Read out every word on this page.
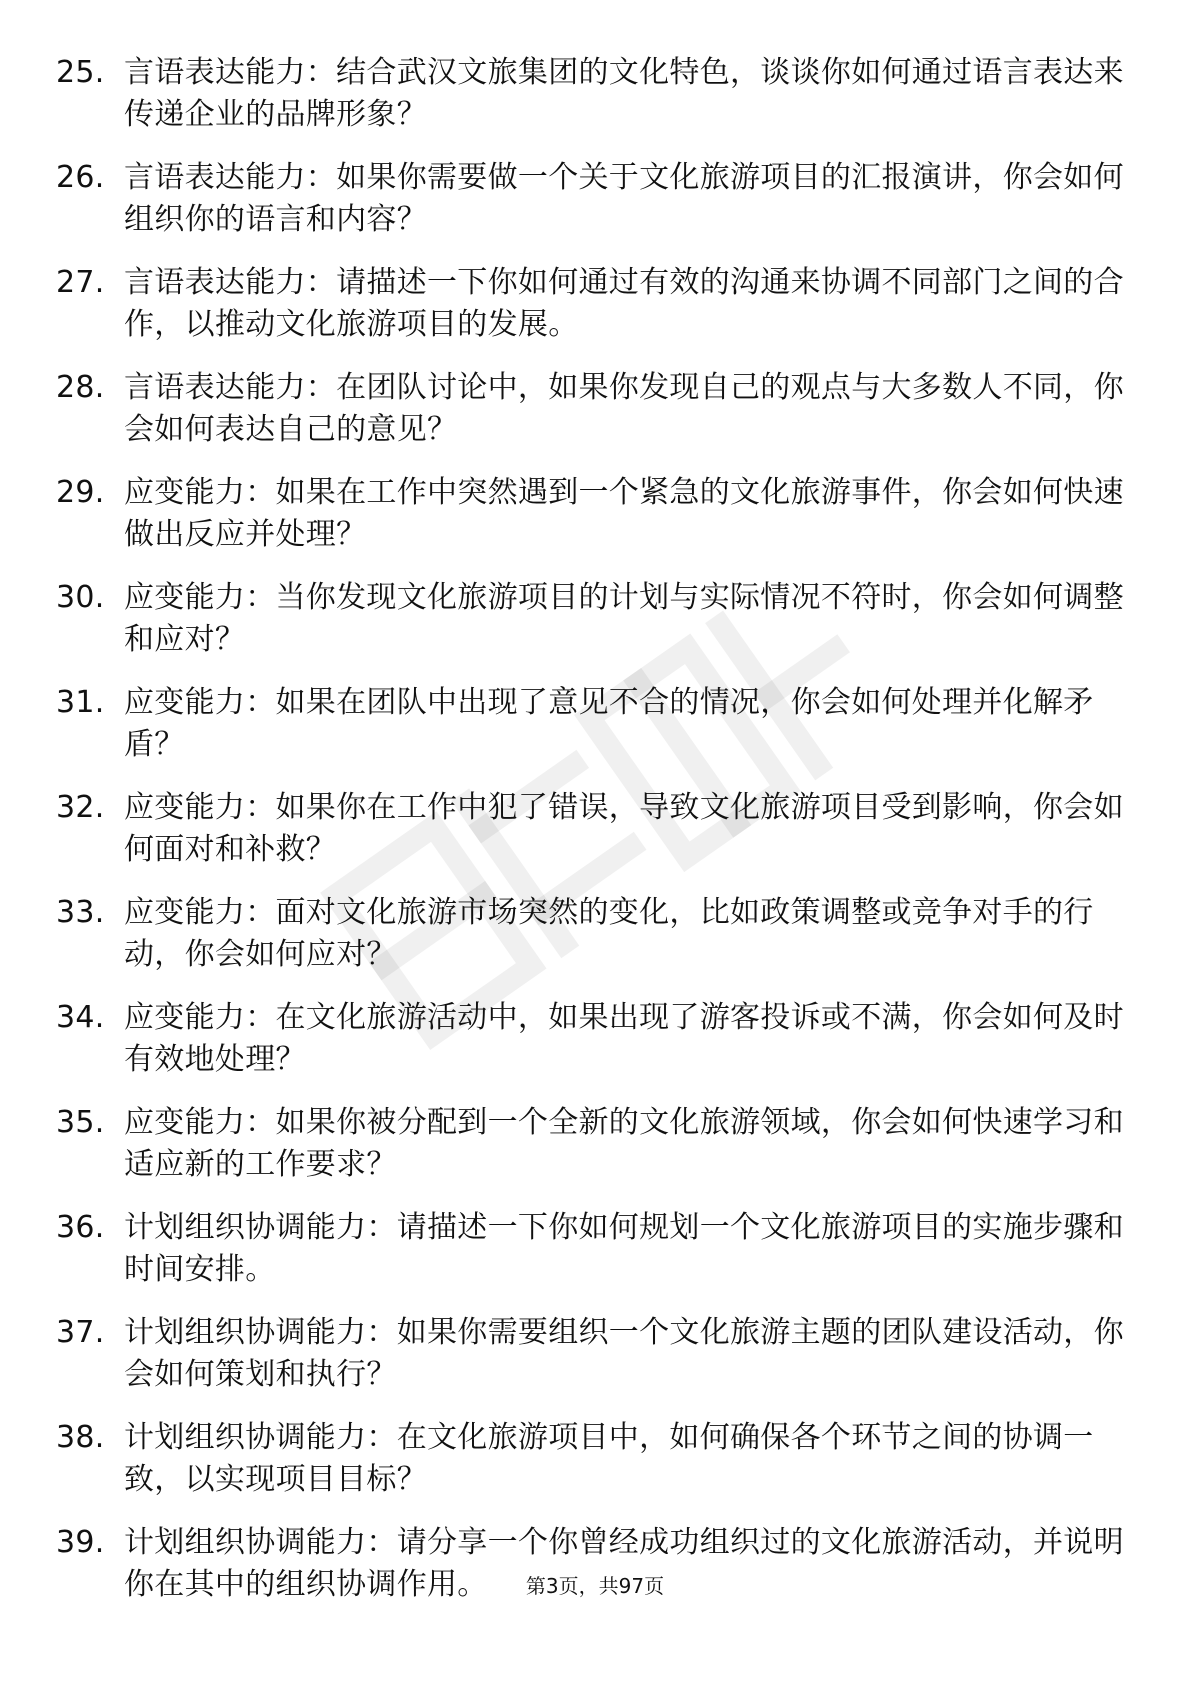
25. 言语表达能力：结合武汉文旅集团的文化特色，谈谈你如何通过语言表达来传递企业的品牌形象？
26. 言语表达能力：如果你需要做一个关于文化旅游项目的汇报演讲，你会如何组织你的语言和内容？
27. 言语表达能力：请描述一下你如何通过有效的沟通来协调不同部门之间的合作，以推动文化旅游项目的发展。
28. 言语表达能力：在团队讨论中，如果你发现自己的观点与大多数人不同，你会如何表达自己的意见？
29. 应变能力：如果在工作中突然遇到一个紧急的文化旅游事件，你会如何快速做出反应并处理？
30. 应变能力：当你发现文化旅游项目的计划与实际情况不符时，你会如何调整和应对？
31. 应变能力：如果在团队中出现了意见不合的情况，你会如何处理并化解矛盾？
32. 应变能力：如果你在工作中犯了错误，导致文化旅游项目受到影响，你会如何面对和补救？
33. 应变能力：面对文化旅游市场突然的变化，比如政策调整或竞争对手的行动，你会如何应对？
34. 应变能力：在文化旅游活动中，如果出现了游客投诉或不满，你会如何及时有效地处理？
35. 应变能力：如果你被分配到一个全新的文化旅游领域，你会如何快速学习和适应新的工作要求？
36. 计划组织协调能力：请描述一下你如何规划一个文化旅游项目的实施步骤和时间安排。
37. 计划组织协调能力：如果你需要组织一个文化旅游主题的团队建设活动，你会如何策划和执行？
38. 计划组织协调能力：在文化旅游项目中，如何确保各个环节之间的协调一致，以实现项目目标？
39. 计划组织协调能力：请分享一个你曾经成功组织过的文化旅游活动，并说明你在其中的组织协调作用。	第3页，共97页
